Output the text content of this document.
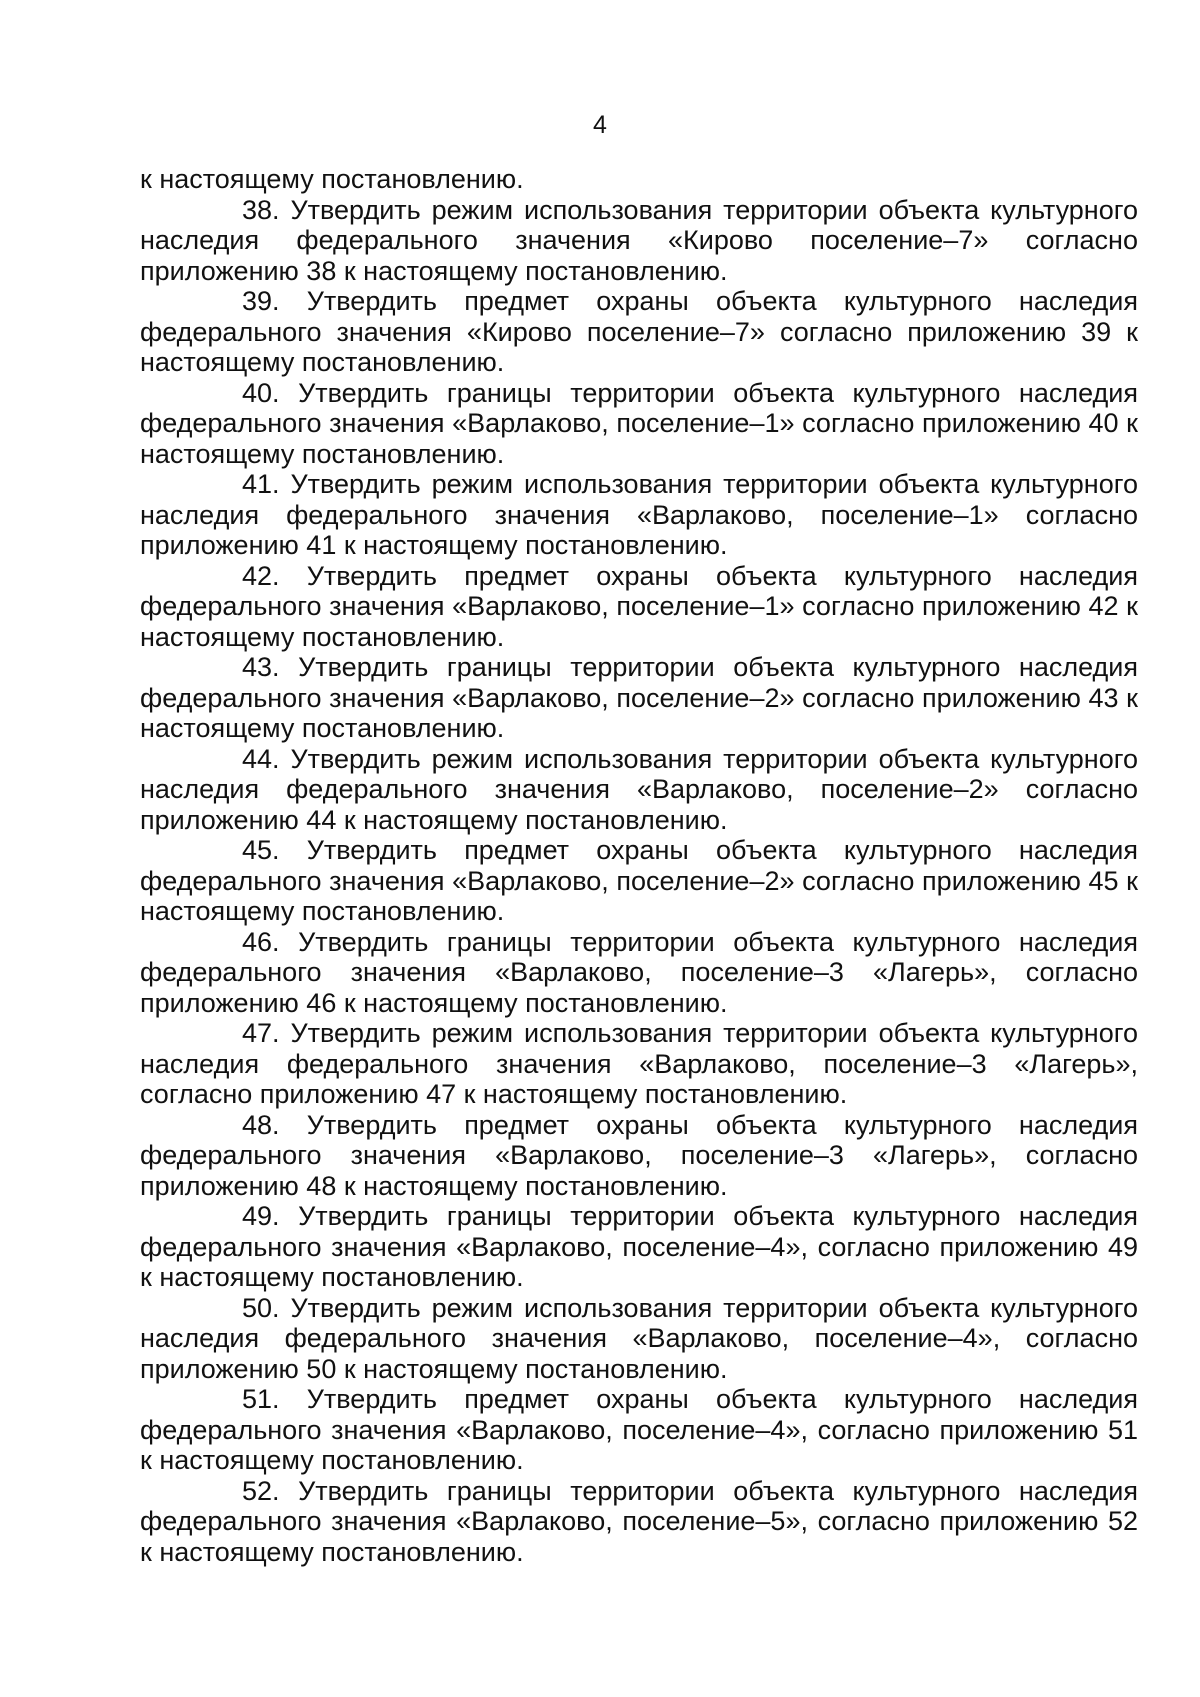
4

к настоящему постановлению.

38. Утвердить режим использования территории объекта культурного наследия федерального значения «Кирово поселение–7» согласно приложению 38 к настоящему постановлению.

39. Утвердить предмет охраны объекта культурного наследия федерального значения «Кирово поселение–7» согласно приложению 39 к настоящему постановлению.

40. Утвердить границы территории объекта культурного наследия федерального значения «Варлаково, поселение–1» согласно приложению 40 к настоящему постановлению.

41. Утвердить режим использования территории объекта культурного наследия федерального значения «Варлаково, поселение–1» согласно приложению 41 к настоящему постановлению.

42. Утвердить предмет охраны объекта культурного наследия федерального значения «Варлаково, поселение–1» согласно приложению 42 к настоящему постановлению.

43. Утвердить границы территории объекта культурного наследия федерального значения «Варлаково, поселение–2» согласно приложению 43 к настоящему постановлению.

44. Утвердить режим использования территории объекта культурного наследия федерального значения «Варлаково, поселение–2» согласно приложению 44 к настоящему постановлению.

45. Утвердить предмет охраны объекта культурного наследия федерального значения «Варлаково, поселение–2» согласно приложению 45 к настоящему постановлению.

46. Утвердить границы территории объекта культурного наследия федерального значения «Варлаково, поселение–3 «Лагерь», согласно приложению 46 к настоящему постановлению.

47. Утвердить режим использования территории объекта культурного наследия федерального значения «Варлаково, поселение–3 «Лагерь», согласно приложению 47 к настоящему постановлению.

48. Утвердить предмет охраны объекта культурного наследия федерального значения «Варлаково, поселение–3 «Лагерь», согласно приложению 48 к настоящему постановлению.

49. Утвердить границы территории объекта культурного наследия федерального значения «Варлаково, поселение–4», согласно приложению 49 к настоящему постановлению.

50. Утвердить режим использования территории объекта культурного наследия федерального значения «Варлаково, поселение–4», согласно приложению 50 к настоящему постановлению.

51. Утвердить предмет охраны объекта культурного наследия федерального значения «Варлаково, поселение–4», согласно приложению 51 к настоящему постановлению.

52. Утвердить границы территории объекта культурного наследия федерального значения «Варлаково, поселение–5», согласно приложению 52 к настоящему постановлению.
